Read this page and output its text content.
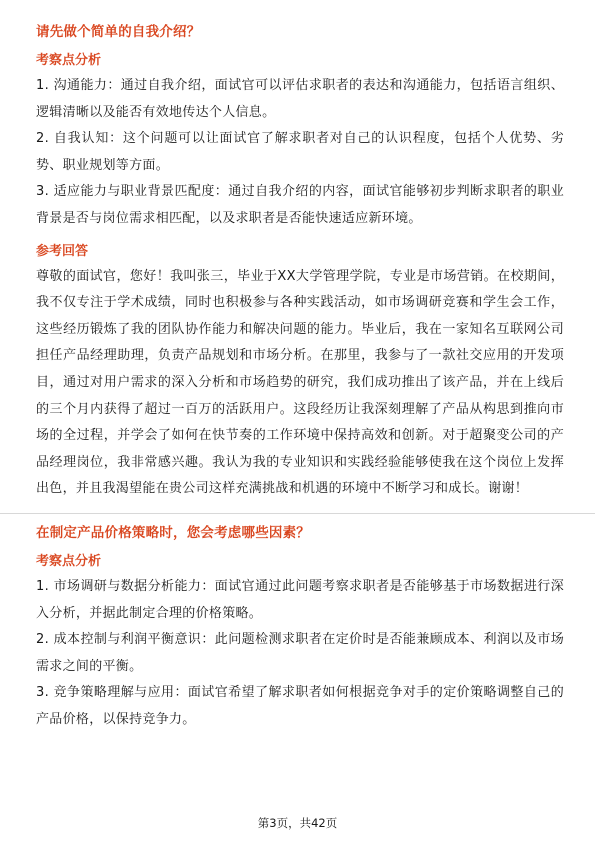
请先做个简单的自我介绍？

考察点分析

1. 沟通能力：通过自我介绍，面试官可以评估求职者的表达和沟通能力，包括语言组织、逻辑清晰以及能否有效地传达个人信息。

2. 自我认知：这个问题可以让面试官了解求职者对自己的认识程度，包括个人优势、劣势、职业规划等方面。

3. 适应能力与职业背景匹配度：通过自我介绍的内容，面试官能够初步判断求职者的职业背景是否与岗位需求相匹配，以及求职者是否能快速适应新环境。

参考回答

尊敬的面试官，您好！我叫张三，毕业于XX大学管理学院，专业是市场营销。在校期间，我不仅专注于学术成绩，同时也积极参与各种实践活动，如市场调研竞赛和学生会工作，这些经历锻炼了我的团队协作能力和解决问题的能力。毕业后，我在一家知名互联网公司担任产品经理助理，负责产品规划和市场分析。在那里，我参与了一款社交应用的开发项目，通过对用户需求的深入分析和市场趋势的研究，我们成功推出了该产品，并在上线后的三个月内获得了超过一百万的活跃用户。这段经历让我深刻理解了产品从构思到推向市场的全过程，并学会了如何在快节奏的工作环境中保持高效和创新。对于超聚变公司的产品经理岗位，我非常感兴趣。我认为我的专业知识和实践经验能够使我在这个岗位上发挥出色，并且我渴望能在贵公司这样充满挑战和机遇的环境中不断学习和成长。谢谢！

在制定产品价格策略时，您会考虑哪些因素？

考察点分析

1. 市场调研与数据分析能力：面试官通过此问题考察求职者是否能够基于市场数据进行深入分析，并据此制定合理的价格策略。

2. 成本控制与利润平衡意识：此问题检测求职者在定价时是否能兼顾成本、利润以及市场需求之间的平衡。

3. 竞争策略理解与应用：面试官希望了解求职者如何根据竞争对手的定价策略调整自己的产品价格，以保持竞争力。

第3页，共42页
